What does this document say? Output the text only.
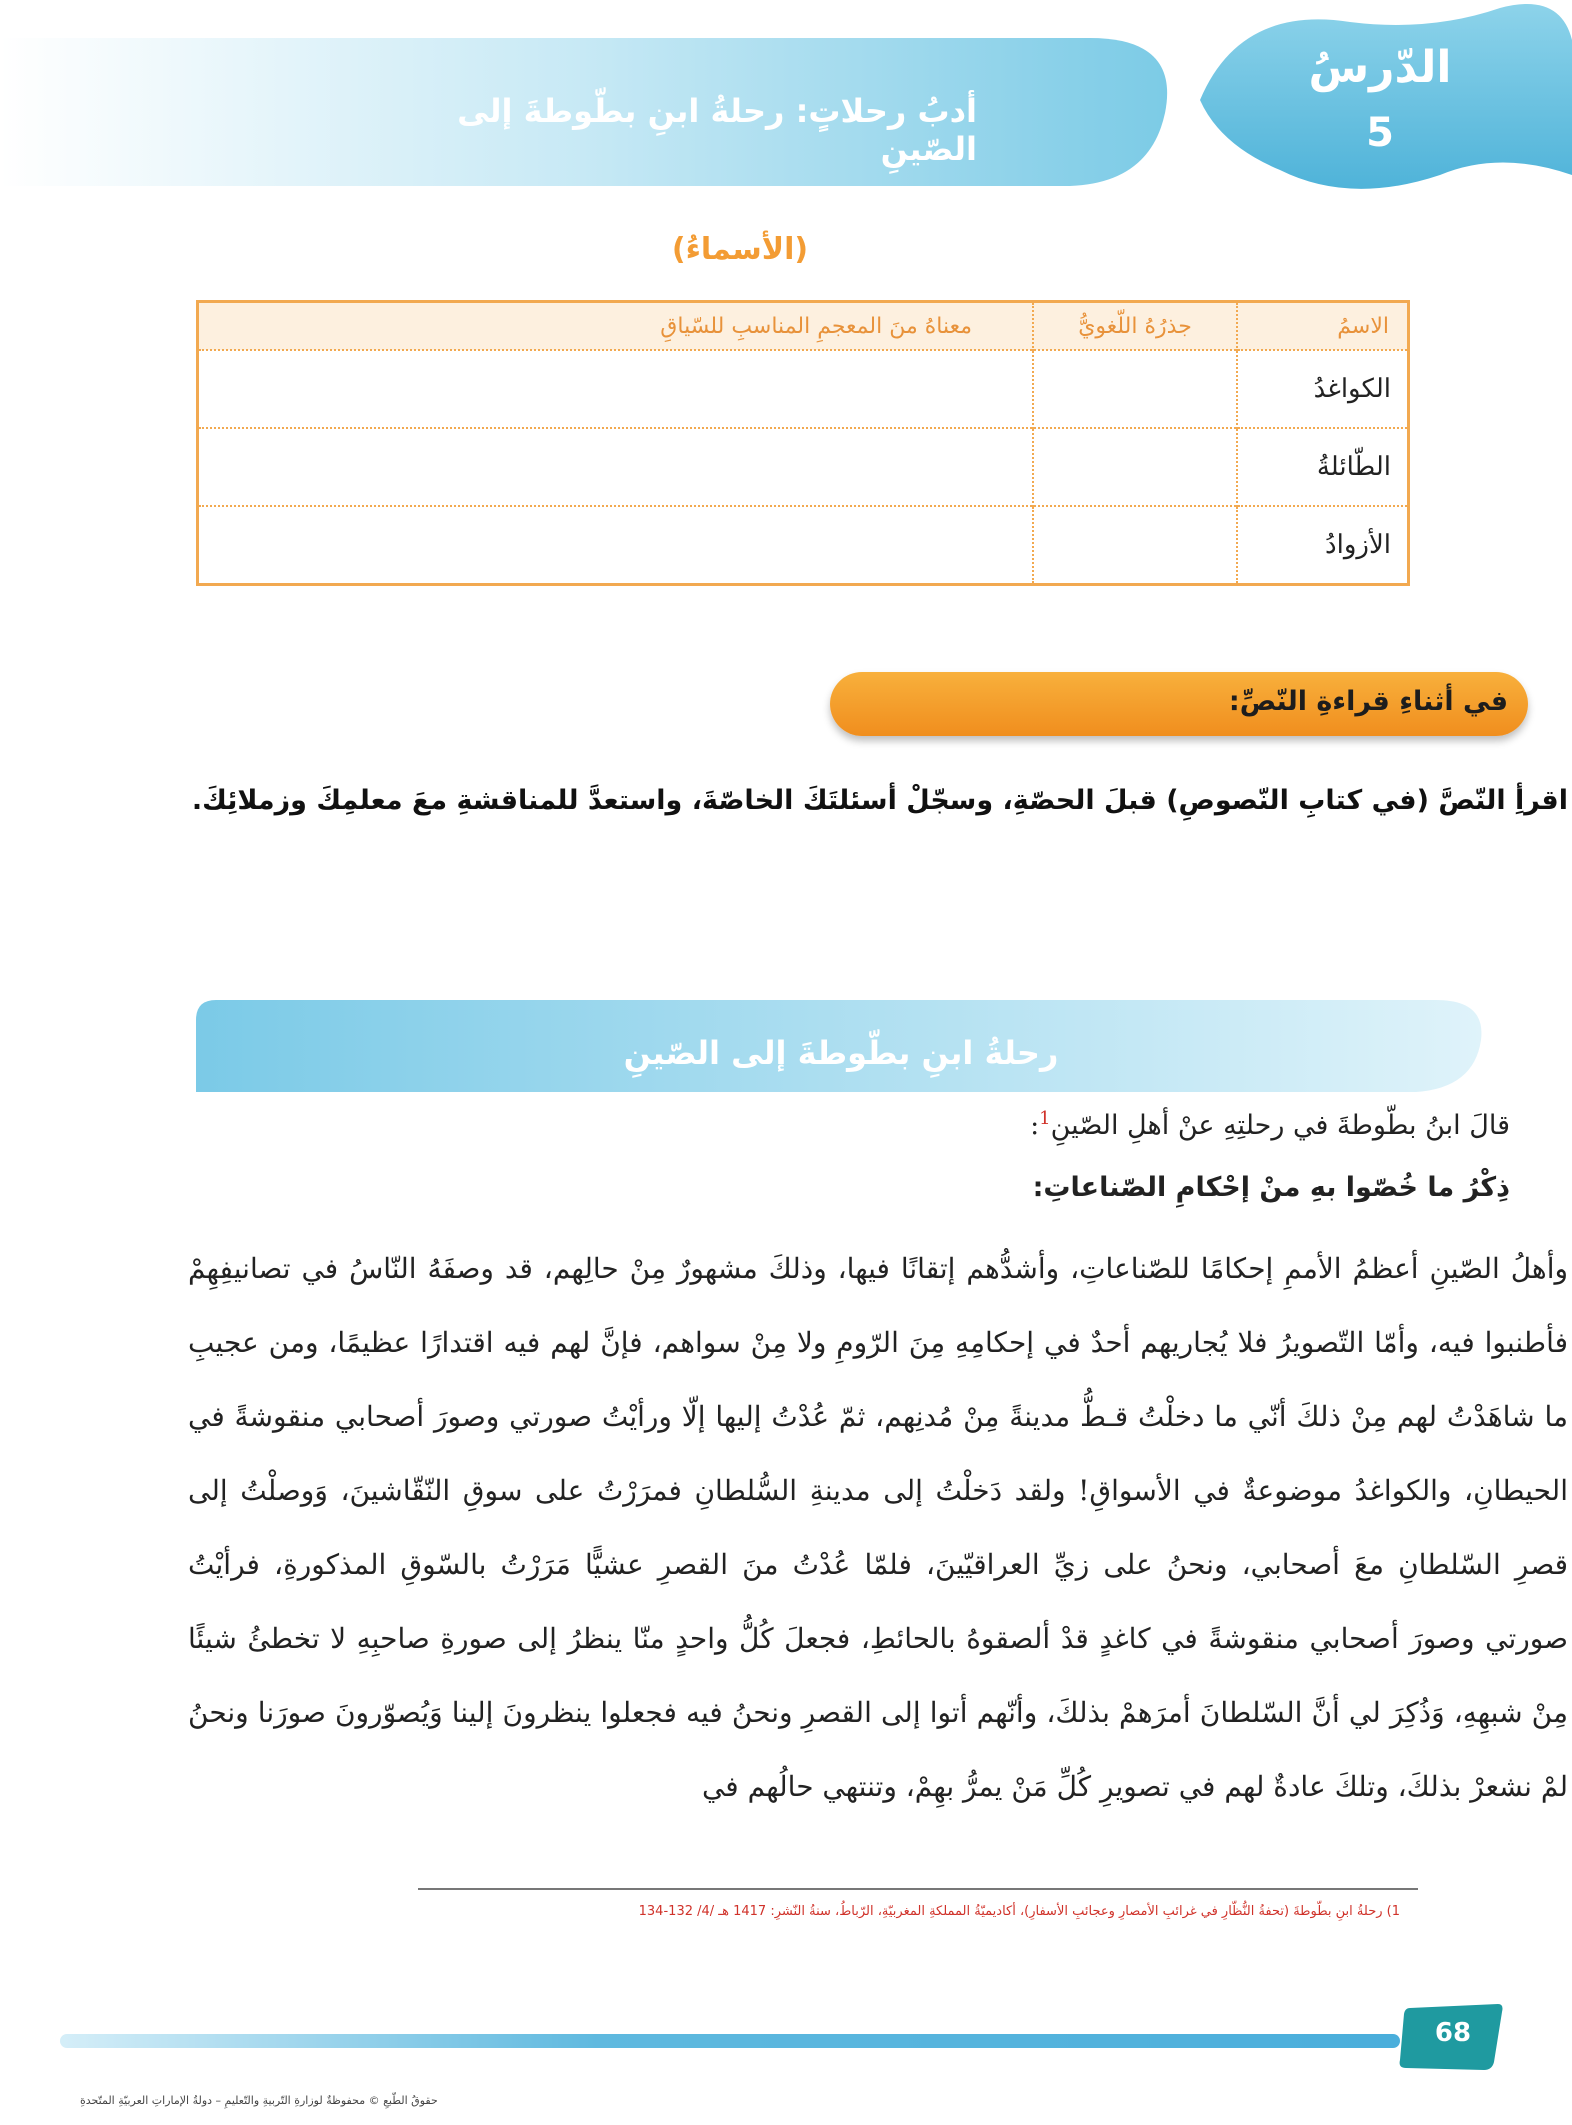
أدبُ رحلاتٍ: رحلةُ ابنِ بطّوطةَ إلى الصّينِ
الدّرسُ
5
(الأسماءُ)
الاسمُ	جذرُهُ اللّغويُّ	معناهُ منَ المعجمِ المناسبِ للسّياقِ
الكواغدُ		
الطّائلةُ		
الأزوادُ		
في أثناءِ قراءةِ النّصِّ:
اقرأِ النّصَّ (في كتابِ النّصوصِ) قبلَ الحصّةِ، وسجّلْ أسئلتَكَ الخاصّةَ، واستعدَّ للمناقشةِ معَ معلمِكَ وزملائِكَ.
رحلةُ ابنِ بطّوطةَ إلى الصّينِ
قالَ ابنُ بطّوطةَ في رحلتِهِ عنْ أهلِ الصّينِ$^1$:
ذِكْرُ ما خُصّوا بهِ منْ إحْكامِ الصّناعاتِ:
وأهلُ الصّينِ أعظمُ الأممِ إحكامًا للصّناعاتِ، وأشدُّهم إتقانًا فيها، وذلكَ مشهورٌ مِنْ حالِهم، قد وصفَهُ النّاسُ في تصانيفِهِمْ فأطنبوا فيه، وأمّا التّصويرُ فلا يُجاريهم أحدٌ في إحكامِهِ مِنَ الرّومِ ولا مِنْ سواهم، فإنَّ لهم فيه اقتدارًا عظيمًا، ومن عجيبِ ما شاهَدْتُ لهم مِنْ ذلكَ أنّي ما دخلْتُ قـطُّ مدينةً مِنْ مُدنِهم، ثمّ عُدْتُ إليها إلّا ورأيْتُ صورتي وصورَ أصحابي منقوشةً في الحيطانِ، والكواغدُ موضوعةٌ في الأسواقِ! ولقد دَخلْتُ إلى مدينةِ السُّلطانِ فمرَرْتُ على سوقِ النّقّاشينَ، وَوصلْتُ إلى قصرِ السّلطانِ معَ أصحابي، ونحنُ على زيِّ العراقيّينَ، فلمّا عُدْتُ منَ القصرِ عشيًّا مَرَرْتُ بالسّوقِ المذكورةِ، فرأيْتُ صورتي وصورَ أصحابي منقوشةً في كاغدٍ قدْ ألصقوهُ بالحائطِ، فجعلَ كُلُّ واحدٍ منّا ينظرُ إلى صورةِ صاحبِهِ لا تخطئُ شيئًا مِنْ شبهِهِ، وَذُكِرَ لي أنَّ السّلطانَ أمرَهمْ بذلكَ، وأنّهم أتوا إلى القصرِ ونحنُ فيه فجعلوا ينظرونَ إلينا وَيُصوّرونَ صورَنا ونحنُ لمْ نشعرْ بذلكَ، وتلكَ عادةٌ لهم في تصويرِ كُلِّ مَنْ يمرُّ بهِمْ، وتنتهي حالُهم في
1) رحلةُ ابنِ بطّوطةَ (تحفةُ النُّظّارِ في غرائبِ الأمصارِ وعجائبِ الأسفارِ)، أكاديميّةُ المملكةِ المغربيّةِ، الرّباطُ، سنةُ النّشرِ: 1417 هـ /4/ 132-134
68
حقوقُ الطّبعِ © محفوظةٌ لوزارةِ التّربيةِ والتّعليمِ – دولةُ الإماراتِ العربيّةِ المتّحدةِ
